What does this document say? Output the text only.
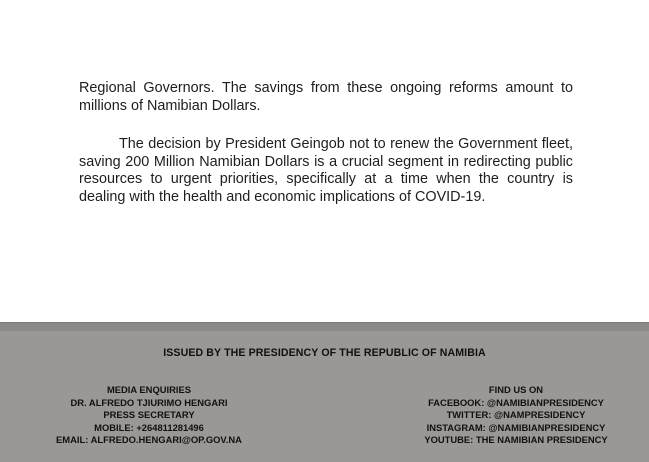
Regional Governors. The savings from these ongoing reforms amount to millions of Namibian Dollars.

The decision by President Geingob not to renew the Government fleet, saving 200 Million Namibian Dollars is a crucial segment in redirecting public resources to urgent priorities, specifically at a time when the country is dealing with the health and economic implications of COVID-19.

ISSUED BY THE PRESIDENCY OF THE REPUBLIC OF NAMIBIA
MEDIA ENQUIRIES
DR. ALFREDO TJIURIMO HENGARI
PRESS SECRETARY
MOBILE: +264811281496
EMAIL: ALFREDO.HENGARI@OP.GOV.NA
FIND US ON
FACEBOOK: @NAMIBIANPRESIDENCY
TWITTER: @NAMPRESIDENCY
INSTAGRAM: @NAMIBIANPRESIDENCY
YOUTUBE: THE NAMIBIAN PRESIDENCY
